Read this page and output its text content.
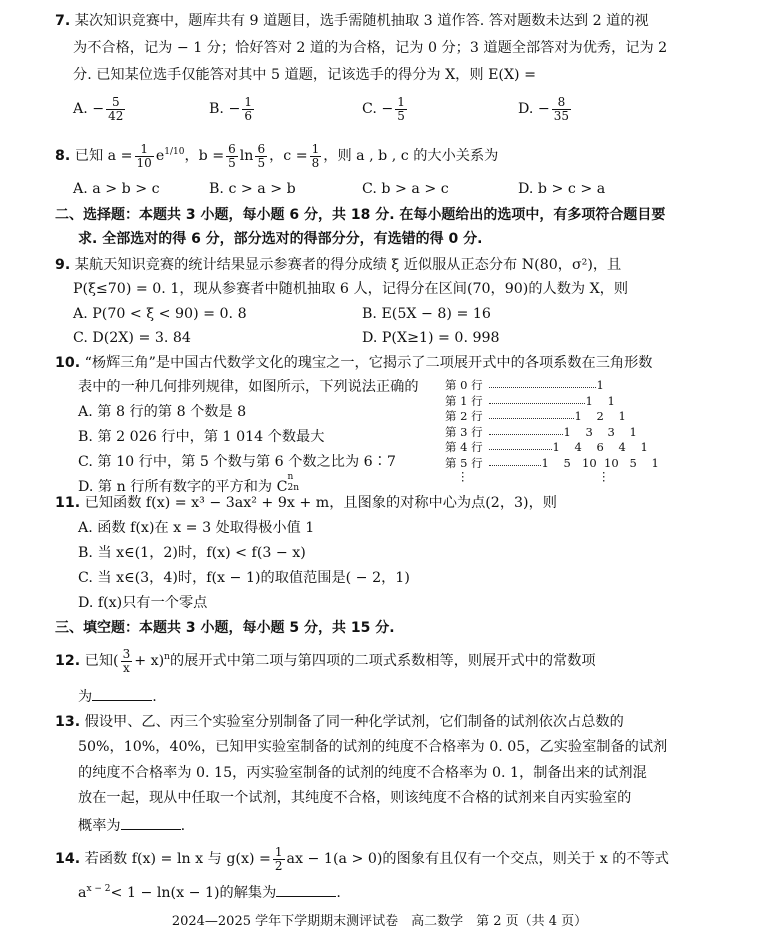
7. 某次知识竞赛中，题库共有 9 道题目，选手需随机抽取 3 道作答. 答对题数未达到 2 道的视
为不合格，记为 − 1 分；恰好答对 2 道的为合格，记为 0 分；3 道题全部答对为优秀，记为 2
分. 已知某位选手仅能答对其中 5 道题，记该选手的得分为 X，则 E(X) =
A. − $\frac{5}{42}$	B. − $\frac{1}{6}$	C. − $\frac{1}{5}$	D. − $\frac{8}{35}$
8. 已知 $a = \frac{1}{10} e^{1/10}$，$b = \frac{6}{5}$ $\ln \frac{6}{5}$ ，$c = \frac{1}{8}$ ，则 a , b , c 的大小关系为
A. a > b > c	B. c > a > b	C. b > a > c	D. b > c > a
二、选择题：本题共 3 小题，每小题 6 分，共 18 分. 在每小题给出的选项中，有多项符合题目要
求. 全部选对的得 6 分，部分选对的得部分分，有选错的得 0 分.
9. 某航天知识竞赛的统计结果显示参赛者的得分成绩 ξ 近似服从正态分布 N(80，σ²)，且
P(ξ≤70) = 0. 1，现从参赛者中随机抽取 6 人，记得分在区间(70，90)的人数为 X，则
A. P(70 < ξ < 90) = 0. 8	B. E(5X − 8) = 16
C. D(2X) = 3. 84	D. P(X≥1) = 0. 998
10. “杨辉三角”是中国古代数学文化的瑰宝之一，它揭示了二项展开式中的各项系数在三角形数
表中的一种几何排列规律，如图所示，下列说法正确的
A. 第 8 行的第 8 个数是 8
B. 第 2 026 行中，第 1 014 个数最大
C. 第 10 行中，第 5 个数与第 6 个数之比为 6∶7
D. 第 n 行所有数字的平方和为 C
n
2n
第 0 行	1
第 1 行	1 1
第 2 行	1 2 1
第 3 行	1 3 3 1
第 4 行	1 4 6 4 1
第 5 行	1 5 10 10 5 1
⋮	⋮
11. 已知函数 f(x) = x³ − 3ax² + 9x + m，且图象的对称中心为点(2，3)，则
A. 函数 f(x)在 x = 3 处取得极小值 1
B. 当 x∈(1，2)时，f(x) < f(3 − x)
C. 当 x∈(3，4)时，f(x − 1)的取值范围是( − 2，1)
D. f(x)只有一个零点
三、填空题：本题共 3 小题，每小题 5 分，共 15 分.
12. 已知( $\frac{3}{x} + x)^n$的展开式中第二项与第四项的二项式系数相等，则展开式中的常数项
为	.
13. 假设甲、乙、丙三个实验室分别制备了同一种化学试剂，它们制备的试剂依次占总数的
50%，10%，40%，已知甲实验室制备的试剂的纯度不合格率为 0. 05，乙实验室制备的试剂
的纯度不合格率为 0. 15，丙实验室制备的试剂的纯度不合格率为 0. 1，制备出来的试剂混
放在一起，现从中任取一个试剂，其纯度不合格，则该纯度不合格的试剂来自丙实验室的
概率为	.
14. 若函数 f(x) = ln x 与 $g(x) = \frac{1}{2}$ ax − 1(a > 0)的图象有且仅有一个交点，则关于 x 的不等式
$a^{x - 2}< 1 - \ln(x - 1)$的解集为	.
2024—2025 学年下学期期末测评试卷　高二数学　第 2 页（共 4 页）
